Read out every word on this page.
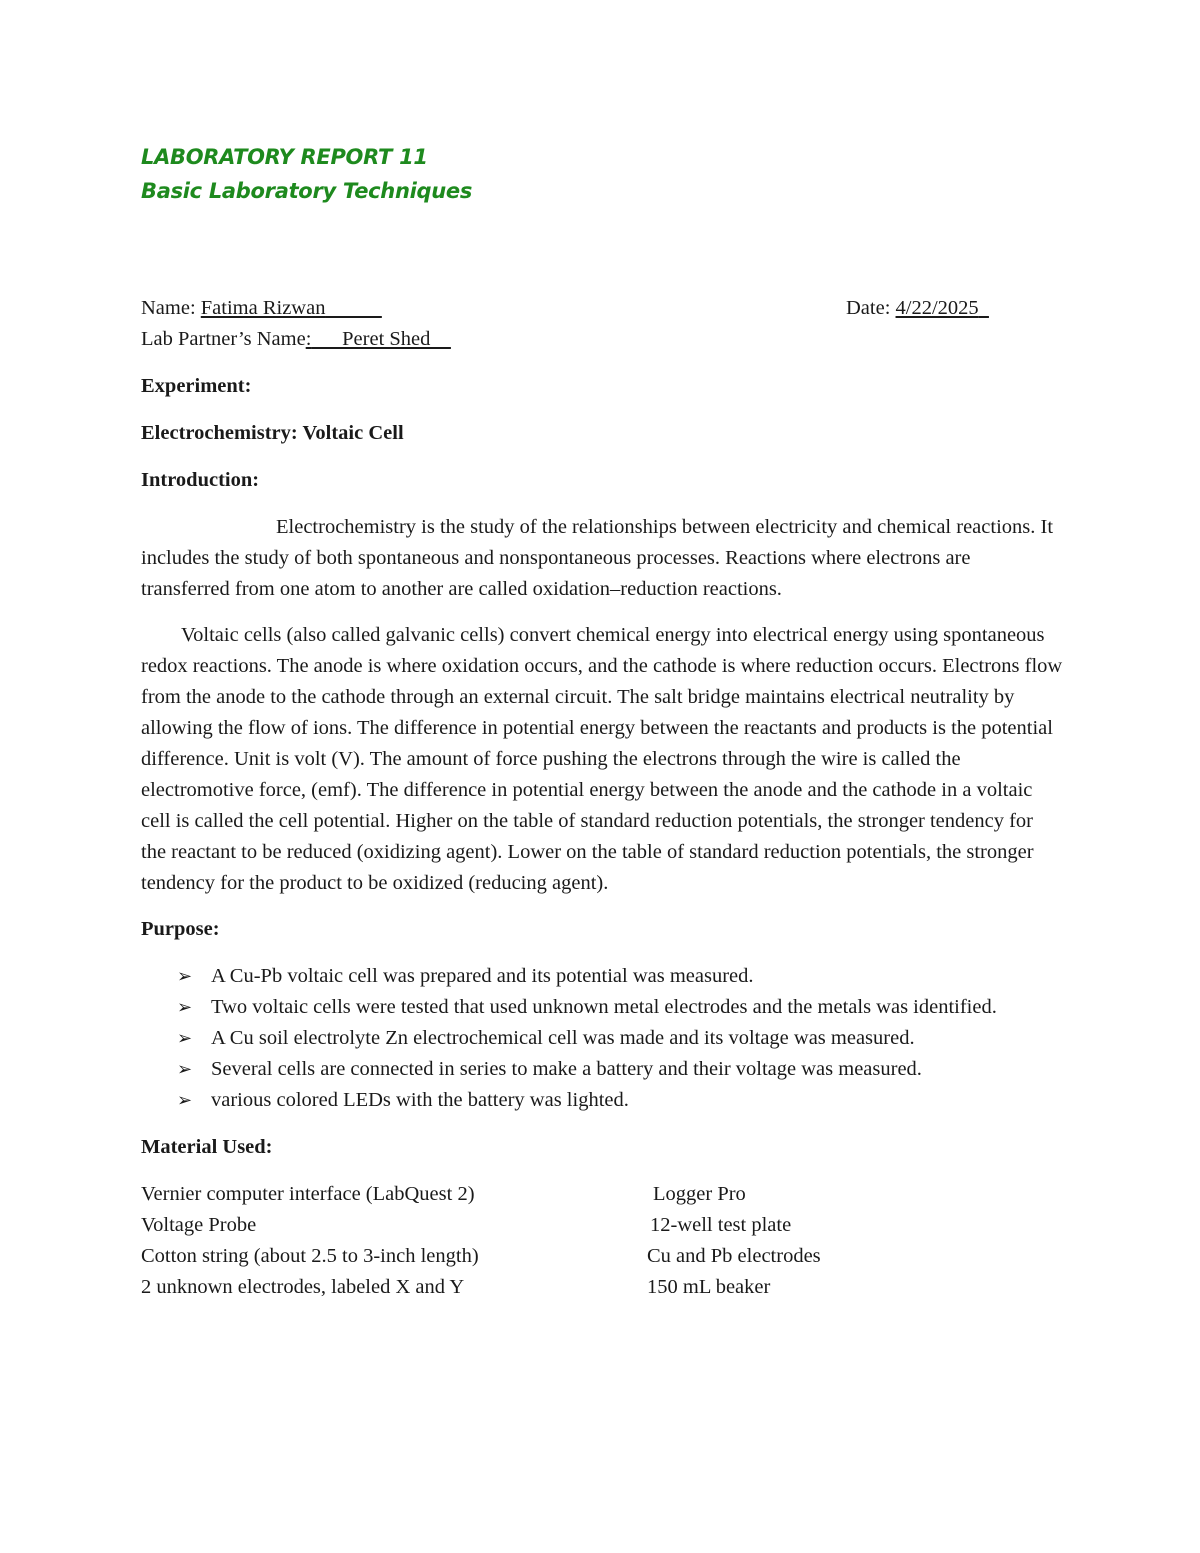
LABORATORY REPORT 11
Basic Laboratory Techniques
Name: Fatima Rizwan	Date: 4/22/2025
Lab Partner’s Name:      Peret Shed

Experiment:

Electrochemistry: Voltaic Cell

Introduction:

Electrochemistry is the study of the relationships between electricity and chemical reactions. It includes the study of both spontaneous and nonspontaneous processes. Reactions where electrons are transferred from one atom to another are called oxidation–reduction reactions.

Voltaic cells (also called galvanic cells) convert chemical energy into electrical energy using spontaneous redox reactions. The anode is where oxidation occurs, and the cathode is where reduction occurs. Electrons flow from the anode to the cathode through an external circuit. The salt bridge maintains electrical neutrality by allowing the flow of ions. The difference in potential energy between the reactants and products is the potential difference. Unit is volt (V). The amount of force pushing the electrons through the wire is called the electromotive force, (emf). The difference in potential energy between the anode and the cathode in a voltaic cell is called the cell potential. Higher on the table of standard reduction potentials, the stronger tendency for the reactant to be reduced (oxidizing agent). Lower on the table of standard reduction potentials, the stronger tendency for the product to be oxidized (reducing agent).

Purpose:

➢ A Cu-Pb voltaic cell was prepared and its potential was measured.
➢ Two voltaic cells were tested that used unknown metal electrodes and the metals was identified.
➢ A Cu soil electrolyte Zn electrochemical cell was made and its voltage was measured.
➢ Several cells are connected in series to make a battery and their voltage was measured.
➢ various colored LEDs with the battery was lighted.

Material Used:

Vernier computer interface (LabQuest 2)	Logger Pro
Voltage Probe	12-well test plate
Cotton string (about 2.5 to 3-inch length)	Cu and Pb electrodes
2 unknown electrodes, labeled X and Y	150 mL beaker
